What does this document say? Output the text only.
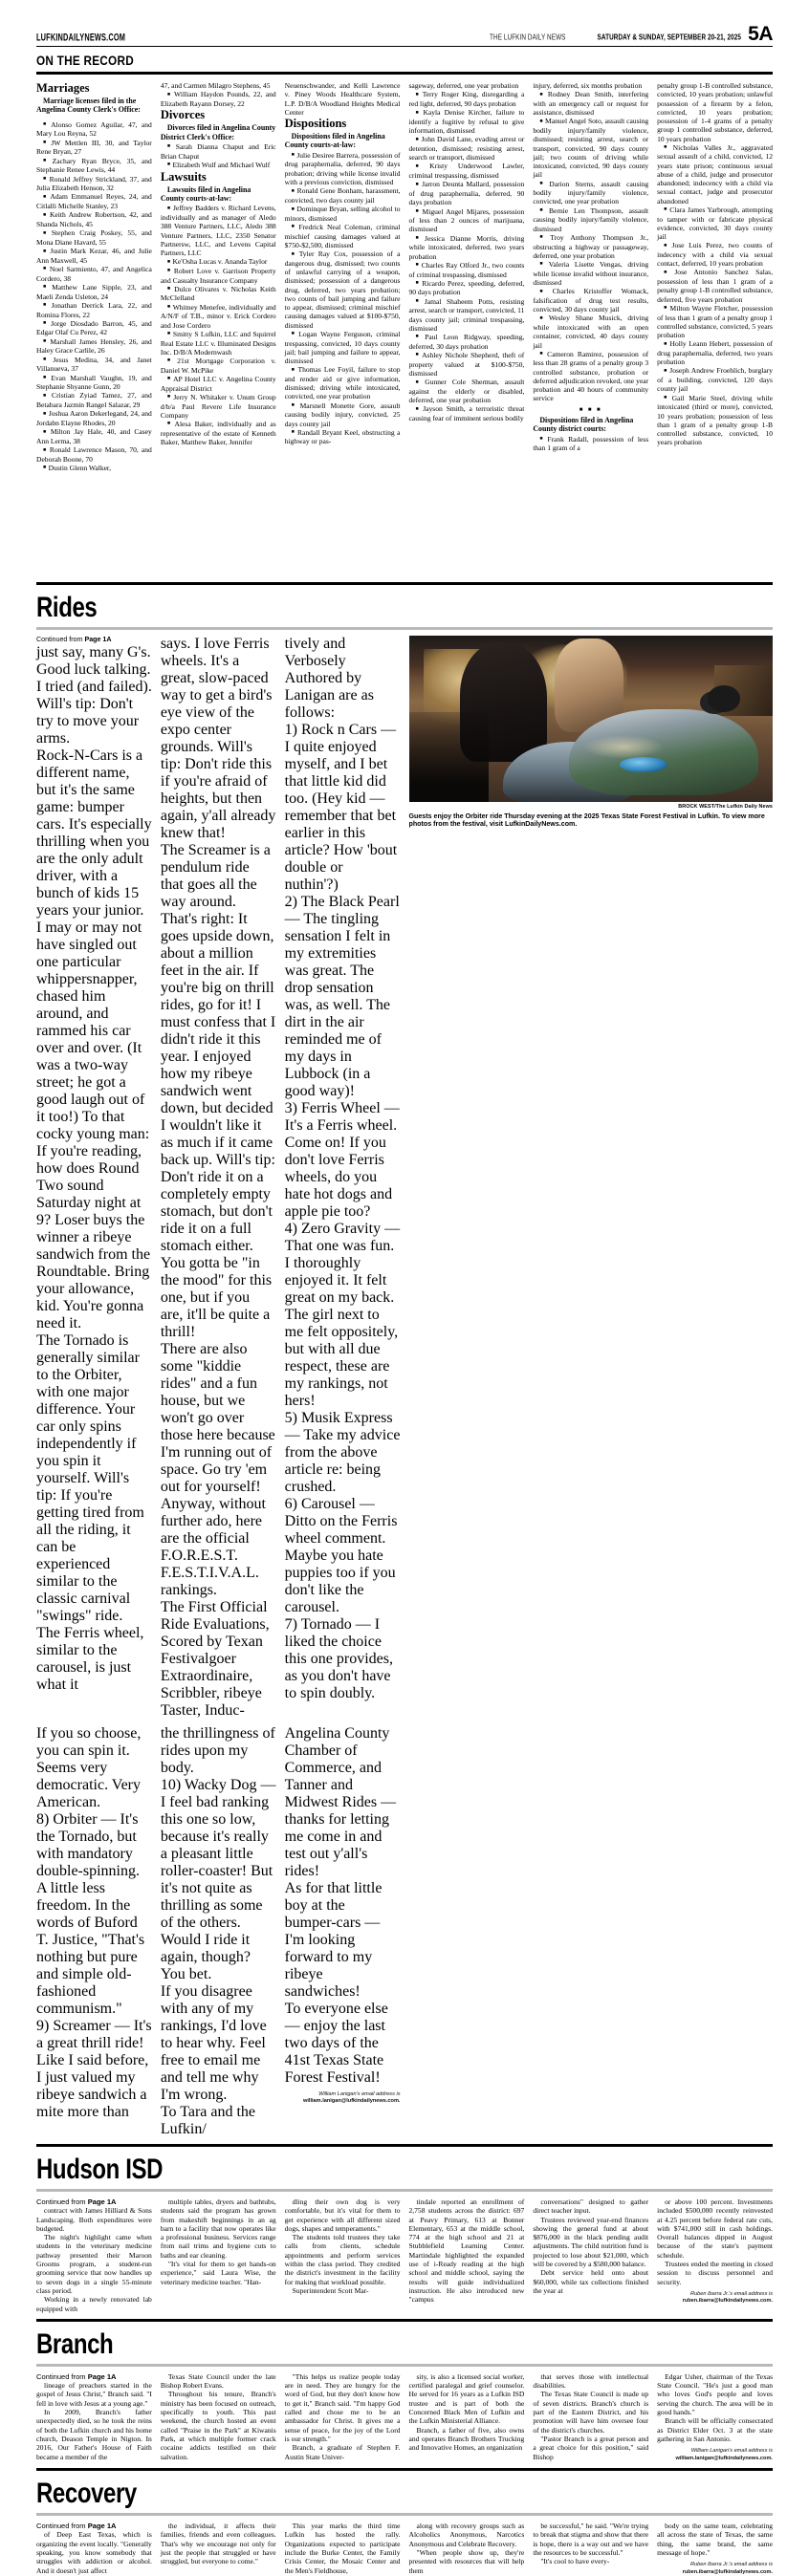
LUFKINDAILYNEWS.COM	THE LUFKIN DAILY NEWS	SATURDAY & SUNDAY, SEPTEMBER 20-21, 2025 5A
ON THE RECORD
Marriages
Marriage licenses filed in the Angelina County Clerk's Office:

■ Alonso Gomez Aguilar, 47, and Mary Lou Reyna, 52

■ JW Mettlen III, 30, and Taylor Rene Bryan, 27

■ Zachary Ryan Bryce, 35, and Stephanie Renee Lewis, 44

■ Ronald Jeffrey Strickland, 37, and Julia Elizabeth Henson, 32

■ Adam Emmanuel Reyes, 24, and Citlalli Michelle Stanley, 23

■ Keith Andrew Robertson, 42, and Shanda Nichols, 45

■ Stephen Craig Poskey, 55, and Mona Diane Havard, 55

■ Justin Mark Kezar, 46, and Julie Ann Maxwell, 45

■ Noel Sarmiento, 47, and Angelica Cordero, 38

■ Matthew Lane Sipple, 23, and Maeli Zenda Usleton, 24

■ Jonathan Derrick Lara, 22, and Romina Flores, 22

■ Jorge Diosdado Barron, 45, and Edgar Olaf Cu Perez, 42

■ Marshall James Hensley, 26, and Haley Grace Carlile, 26

■ Jesus Medina, 34, and Janet Villanueva, 37

■ Evan Marshall Vaughn, 19, and Stephanie Shyanne Gunn, 20

■ Cristian Zyiad Tamez, 27, and Betabara Jazmin Rangel Salazar, 29

■ Joshua Aaron Dekerlegand, 24, and Jordabn Elayne Rhodes, 20

■ Milton Jay Hale, 40, and Casey Ann Lerma, 38

■ Ronald Lawrence Mason, 70, and Deborah Boone, 70

■ Dustin Glenn Walker,

47, and Carmen Milagro Stephens, 45

■ William Haydon Pounds, 22, and Elizabeth Rayann Dorsey, 22

Divorces
Divorces filed in Angelina County District Clerk's Office:

■ Sarah Dianna Chaput and Eric Brian Chaput

■ Elizabeth Wulf and Michael Wulf

Lawsuits
Lawsuits filed in Angelina County courts-at-law:

■ Jeffrey Badders v. Richard Levens, individually and as manager of Aledo 388 Venture Partners, LLC, Aledo 388 Venture Partners, LLC, 2350 Senator Partnersw, LLC, and Levens Capital Partners, LLC

■ Ke'Osha Lucas v. Ananda Taylor

■ Robert Love v. Garrison Property and Casualty Insurance Company

■ Dulce Olivares v. Nicholas Keith McClelland

■ Whitney Menefee, individually and A/N/F of T.B., minor v. Erick Cordero and Jose Cordero

■ Smitty S Lufkin, LLC and Squirrel Real Estate LLC v. Illuminated Designs Inc. D/B/A Modernwash

■ 21st Mortgage Corporation v. Daniel W. McPike

■ AP Hotel LLC v. Angelina County Appraisal District

■ Jerry N. Whitaker v. Unum Group d/b/a Paul Revere Life Insurance Company

■ Alesa Baker, individually and as representative of the estate of Kenneth Baker, Matthew Baker, Jennifer

Neuenschwander, and Kelli Lawrence v. Piney Woods Healthcare System, L.P. D/B/A Woodland Heights Medical Center

Dispositions
Dispositions filed in Angelina County courts-at-law:

■ Julie Desiree Barrera, possession of drug paraphernalia, deferred, 90 days probation; driving while license invalid with a previous conviction, dismissed

■ Ronald Gene Bonham, harassment, convicted, two days county jail

■ Dominque Bryan, selling alcohol to minors, dismissed

■ Fredrick Neal Coleman, criminal mischief causing damages valued at $750-$2,500, dismissed

■ Tyler Ray Cox, possession of a dangerous drug, dismissed; two counts of unlawful carrying of a weapon, dismissed; possession of a dangerous drug, deferred, two years probation; two counts of bail jumping and failure to appear, dismissed; criminal mischief causing damages valued at $100-$750, dismissed

■ Logan Wayne Ferguson, criminal trespassing, convicted, 10 days county jail; bail jumping and failure to appear, dismissed

■ Thomas Lee Foyil, failure to stop and render aid or give information, dismissed; driving while intoxicated, convicted, one year probation

■ Marsnell Monette Gore, assault causing bodily injury, convicted, 25 days county jail

■ Randall Bryant Keel, obstructing a highway or pas-

sageway, deferred, one year probation

■ Terry Roger King, disregarding a red light, deferred, 90 days probation

■ Kayla Denise Kircher, failure to identify a fugitive by refusal to give information, dismissed

■ John David Lane, evading arrest or detention, dismissed; resisting arrest, search or transport, dismissed

■ Kristy Underwood Lawler, criminal trespassing, dismissed

■ Jarron Deunta Mallard, possession of drug paraphernalia, deferred, 90 days probation

■ Miguel Angel Mijares, possession of less than 2 ounces of marijuana, dismissed

■ Jessica Dianne Morris, driving while intoxicated, deferred, two years probation

■ Charles Ray Olford Jr., two counts of criminal trespassing, dismissed

■ Ricardo Perez, speeding, deferred, 90 days probation

■ Jamal Shaheem Potts, resisting arrest, search or transport, convicted, 11 days county jail; criminal trespassing, dismissed

■ Paul Leon Ridgway, speeding, deferred, 30 days probation

■ Ashley Nichole Shepherd, theft of property valued at $100-$750, dismissed

■ Gunner Cole Sherman, assault against the elderly or disabled, deferred, one year probation

■ Jayson Smith, a terroristic threat causing fear of imminent serious bodily

injury, deferred, six months probation

■ Rodney Dean Smith, interfering with an emergency call or request for assistance, dismissed

■ Manuel Angel Soto, assault causing bodily injury/family violence, dismissed; resisting arrest, search or transport, convicted, 90 days county jail; two counts of driving while intoxicated, convicted, 90 days county jail

■ Darion Sterns, assault causing bodily injury/family violence, convicted, one year probation

■ Bernie Len Thompson, assault causing bodily injury/family violence, dismissed

■ Troy Anthony Thompson Jr., obstructing a highway or passageway, deferred, one year probation

■ Valeria Lisette Vengas, driving while license invalid without insurance, dismissed

■ Charles Kristoffer Womack, falsification of drug test results, convicted, 30 days county jail

■ Wesley Shane Musick, driving while intoxicated with an open container, convicted, 40 days county jail

■ Cameron Ramirez, possession of less than 28 grams of a penalty group 3 controlled substance, probation or deferred adjudication revoked, one year probation and 40 hours of community service

■ ■ ■
Dispositions filed in Angelina County district courts:

■ Frank Radall, possession of less than 1 gram of a

penalty group 1-B controlled substance, convicted, 10 years probation; unlawful possession of a firearm by a felon, convicted, 10 years probation; possession of 1-4 grams of a penalty group 1 controlled substance, deferred, 10 years probation

■ Nicholas Valles Jr., aggravated sexual assault of a child, convicted, 12 years state prison; continuous sexual abuse of a child, judge and prosecutor abandoned; indecency with a child via sexual contact, judge and prosecutor abandoned

■ Clara James Yarbrough, attempting to tamper with or fabricate physical evidence, convicted, 30 days county jail

■ Jose Luis Perez, two counts of indecency with a child via sexual contact, deferred, 10 years probation

■ Jose Antonio Sanchez Salas, possession of less than 1 gram of a penalty group 1-B controlled substance, deferred, five years probation

■ Milton Wayne Fletcher, possession of less than 1 gram of a penalty group 1 controlled substance, convicted, 5 years probation

■ Holly Leann Hebert, possession of drug paraphernalia, deferred, two years probation

■ Joseph Andrew Froehlich, burglary of a building, convicted, 120 days county jail

■ Gail Marie Steel, driving while intoxicated (third or more), convicted, 10 years probation; possession of less than 1 gram of a penalty group 1-B controlled substance, convicted, 10 years probation

Rides

Continued from Page 1A

just say, many G's. Good luck talking. I tried (and failed). Will's tip: Don't try to move your arms.

Rock-N-Cars is a different name, but it's the same game: bumper cars. It's especially thrilling when you are the only adult driver, with a bunch of kids 15 years your junior. I may or may not have singled out one particular whippersnapper, chased him around, and rammed his car over and over. (It was a two-way street; he got a good laugh out of it too!) To that cocky young man: If you're reading, how does Round Two sound Saturday night at 9? Loser buys the winner a ribeye sandwich from the Roundtable. Bring your allowance, kid. You're gonna need it.

The Tornado is generally similar to the Orbiter, with one major difference. Your car only spins independently if you spin it yourself. Will's tip: If you're getting tired from all the riding, it can be experienced similar to the classic carnival "swings" ride.

The Ferris wheel, similar to the carousel, is just what it

says. I love Ferris wheels. It's a great, slow-paced way to get a bird's eye view of the expo center grounds. Will's tip: Don't ride this if you're afraid of heights, but then again, y'all already knew that!

The Screamer is a pendulum ride that goes all the way around. That's right: It goes upside down, about a million feet in the air. If you're big on thrill rides, go for it! I must confess that I didn't ride it this year. I enjoyed how my ribeye sandwich went down, but decided I wouldn't like it as much if it came back up. Will's tip: Don't ride it on a completely empty stomach, but don't ride it on a full stomach either. You gotta be "in the mood" for this one, but if you are, it'll be quite a thrill!

There are also some "kiddie rides" and a fun house, but we won't go over those here because I'm running out of space. Go try 'em out for yourself! Anyway, without further ado, here are the official F.O.R.E.S.T. F.E.S.T.I.V.A.L. rankings.

The First Official Ride Evaluations, Scored by Texan Festivalgoer Extraordinaire, Scribbler, ribeye Taster, Induc-

tively and Verbosely Authored by Lanigan are as follows:

1) Rock n Cars — I quite enjoyed myself, and I bet that little kid did too. (Hey kid — remember that bet earlier in this article? How 'bout double or nuthin'?)

2) The Black Pearl — The tingling sensation I felt in my extremities was great. The drop sensation was, as well. The dirt in the air reminded me of my days in Lubbock (in a good way)!

3) Ferris Wheel — It's a Ferris wheel. Come on! If you don't love Ferris wheels, do you hate hot dogs and apple pie too?

4) Zero Gravity — That one was fun. I thoroughly enjoyed it. It felt great on my back. The girl next to me felt oppositely, but with all due respect, these are my rankings, not hers!

5) Musik Express — Take my advice from the above article re: being crushed.

6) Carousel — Ditto on the Ferris wheel comment. Maybe you hate puppies too if you don't like the carousel.

7) Tornado — I liked the choice this one provides, as you don't have to spin doubly.

BROCK WEST/The Lufkin Daily News
Guests enjoy the Orbiter ride Thursday evening at the 2025 Texas State Forest Festival in Lufkin. To view more photos from the festival, visit LufkinDailyNews.com.

If you so choose, you can spin it. Seems very democratic. Very American.

8) Orbiter — It's the Tornado, but with mandatory double-spinning. A little less freedom. In the words of Buford T. Justice, "That's nothing but pure and simple old-fashioned communism."

9) Screamer — It's a great thrill ride! Like I said before, I just valued my ribeye sandwich a mite more than

the thrillingness of rides upon my body.

10) Wacky Dog — I feel bad ranking this one so low, because it's really a pleasant little roller-coaster! But it's not quite as thrilling as some of the others. Would I ride it again, though? You bet.

If you disagree with any of my rankings, I'd love to hear why. Feel free to email me and tell me why I'm wrong.

To Tara and the Lufkin/

Angelina County Chamber of Commerce, and Tanner and Midwest Rides — thanks for letting me come in and test out y'all's rides!

As for that little boy at the bumper-cars — I'm looking forward to my ribeye sandwiches!

To everyone else — enjoy the last two days of the 41st Texas State Forest Festival!

William Lanigan's email address is
william.lanigan@lufkindailynews.com.
Hudson ISD

Continued from Page 1A

contract with James Hilliard & Sons Landscaping. Both expenditures were budgeted.

The night's highlight came when students in the veterinary medicine pathway presented their Maroon Grooms program, a student-run grooming service that now handles up to seven dogs in a single 55-minute class period.

Working in a newly renovated lab equipped with

multiple tables, dryers and bathtubs, students said the program has grown from makeshift beginnings in an ag barn to a facility that now operates like a professional business. Services range from nail trims and hygiene cuts to baths and ear cleaning.

"It's vital for them to get hands-on experience," said Laura Wise, the veterinary medicine teacher. "Han-

dling their own dog is very comfortable, but it's vital for them to get experience with all different sized dogs, shapes and temperaments."

The students told trustees they take calls from clients, schedule appointments and perform services within the class period. They credited the district's investment in the facility for making that workload possible.

Superintendent Scott Mar-

tindale reported an enrollment of 2,758 students across the district: 697 at Peavy Primary, 613 at Bonner Elementary, 653 at the middle school, 774 at the high school and 21 at Stubblefield Learning Center. Martindale highlighted the expanded use of i-Ready reading at the high school and middle school, saying the results will guide individualized instruction. He also introduced new "campus

conversations" designed to gather direct teacher input.

Trustees reviewed year-end finances showing the general fund at about $876,000 in the black pending audit adjustments. The child nutrition fund is projected to lose about $21,000, which will be covered by a $580,000 balance.

Debt service held onto about $60,000, while tax collections finished the year at

or above 100 percent. Investments included $500,000 recently reinvested at 4.25 percent before federal rate cuts, with $741,000 still in cash holdings. Overall balances dipped in August because of the state's payment schedule.

Trustees ended the meeting in closed session to discuss personnel and security.

Ruben Ibarra Jr.'s email address is
ruben.ibarra@lufkindailynews.com.
Branch

Continued from Page 1A

lineage of preachers started in the gospel of Jesus Christ," Branch said. "I fell in love with Jesus at a young age."

In 2009, Branch's father unexpectedly died, so he took the reins of both the Lufkin church and his home church, Deason Temple in Nigton. In 2016, Our Father's House of Faith became a member of the

Texas State Council under the late Bishop Robert Evans.

Throughout his tenure, Branch's ministry has been focused on outreach, specifically to youth. This past weekend, the church hosted an event called "Praise in the Park" at Kiwanis Park, at which multiple former crack cocaine addicts testified on their salvation.

"This helps us realize people today are in need. They are hungry for the word of God, but they don't know how to get it," Branch said. "I'm happy God called and chose me to be an ambassador for Christ. It gives me a sense of peace, for the joy of the Lord is our strength."

Branch, a graduate of Stephen F. Austin State Univer-

sity, is also a licensed social worker, certified paralegal and grief counselor. He served for 16 years as a Lufkin ISD trustee and is part of both the Concerned Black Men of Lufkin and the Lufkin Ministerial Alliance.

Branch, a father of five, also owns and operates Branch Brothers Trucking and Innovative Homes, an organization

that serves those with intellectual disabilities.

The Texas State Council is made up of seven districts. Branch's church is part of the Eastern District, and his promotion will have him oversee four of the district's churches.

"Pastor Branch is a great person and a great choice for this position," said Bishop

Edgar Usher, chairman of the Texas State Council. "He's just a good man who loves God's people and loves serving the church. The area will be in good hands."

Branch will be officially consecrated as District Elder Oct. 3 at the state gathering in San Antonio.

William Lanigan's email address is
william.lanigan@lufkindailynews.com.
Recovery

Continued from Page 1A

of Deep East Texas, which is organizing the event locally. "Generally speaking, you know somebody that struggles with addiction or alcohol. And it doesn't just affect

the individual, it affects their families, friends and even colleagues. That's why we encourage not only for just the people that struggled or have struggled, but everyone to come."

This year marks the third time Lufkin has hosted the rally. Organizations expected to participate include the Burke Center, the Family Crisis Center, the Mosaic Center and the Men's Fieldhouse,

along with recovery groups such as Alcoholics Anonymous, Narcotics Anonymous and Celebrate Recovery.

"When people show up, they're presented with resources that will help them

be successful," he said. "We're trying to break that stigma and show that there is hope, there is a way out and we have the resources to be successful."

"It's cool to have every-

body on the same team, celebrating all across the state of Texas, the same thing, the same brand, the same message of hope."

Ruben Ibarra Jr.'s email address is
ruben.ibarra@lufkindailynews.com.
